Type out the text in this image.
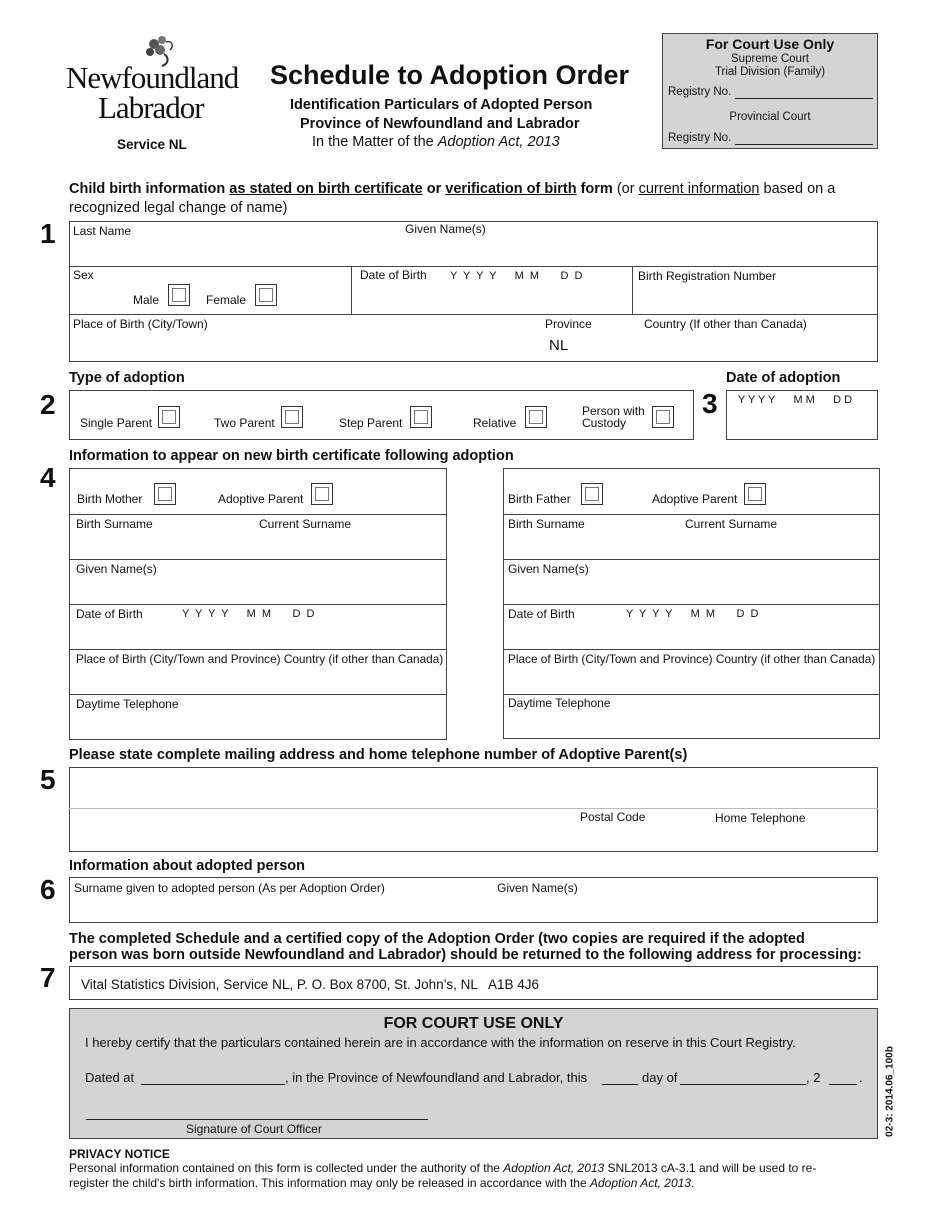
Newfoundland
Labrador
Service NL
Schedule to Adoption Order
Identification Particulars of Adopted Person
Province of Newfoundland and Labrador
In the Matter of the Adoption Act, 2013
For Court Use Only
Supreme Court
Trial Division (Family)
Registry No.
Provincial Court
Registry No.
Child birth information as stated on birth certificate or verification of birth form (or current information based on a
recognized legal change of name)
1 Last Name	Given Name(s)
Sex
Male	Female
Date of Birth Y  Y  Y  Y      M  M       D  D	Birth Registration Number
Place of Birth (City/Town)	Province
NL
Country (If other than Canada)
Type of adoption
2
Single Parent	Two Parent	Step Parent	Relative
Person with
Custody
Date of adoption
3 Y Y Y Y      M M      D D
Information to appear on new birth certificate following adoption
4
Birth Mother	Adoptive Parent
Birth Surname	Current Surname
Given Name(s)
Date of Birth	Y  Y  Y  Y      M  M       D  D
Place of Birth (City/Town and Province) Country (if other than Canada)
Daytime Telephone
Birth Father	Adoptive Parent
Birth Surname	Current Surname
Given Name(s)
Date of Birth	Y  Y  Y  Y      M  M       D  D
Place of Birth (City/Town and Province) Country (if other than Canada)
Daytime Telephone
Please state complete mailing address and home telephone number of Adoptive Parent(s)
5
Postal Code	Home Telephone
Information about adopted person
6 Surname given to adopted person (As per Adoption Order)	Given Name(s)
The completed Schedule and a certified copy of the Adoption Order (two copies are required if the adopted
person was born outside Newfoundland and Labrador) should be returned to the following address for processing:
7 Vital Statistics Division, Service NL, P. O. Box 8700, St. John’s, NL   A1B 4J6
FOR COURT USE ONLY
I hereby certify that the particulars contained herein are in accordance with the information on reserve in this Court Registry.
Dated at	, in the Province of Newfoundland and Labrador, this	day of	, 2	.
Signature of Court Officer	02-3: 2014.06_100b
PRIVACY NOTICE
Personal information contained on this form is collected under the authority of the Adoption Act, 2013 SNL2013 cA-3.1 and will be used to re-
register the child's birth information. This information may only be released in accordance with the Adoption Act, 2013.
